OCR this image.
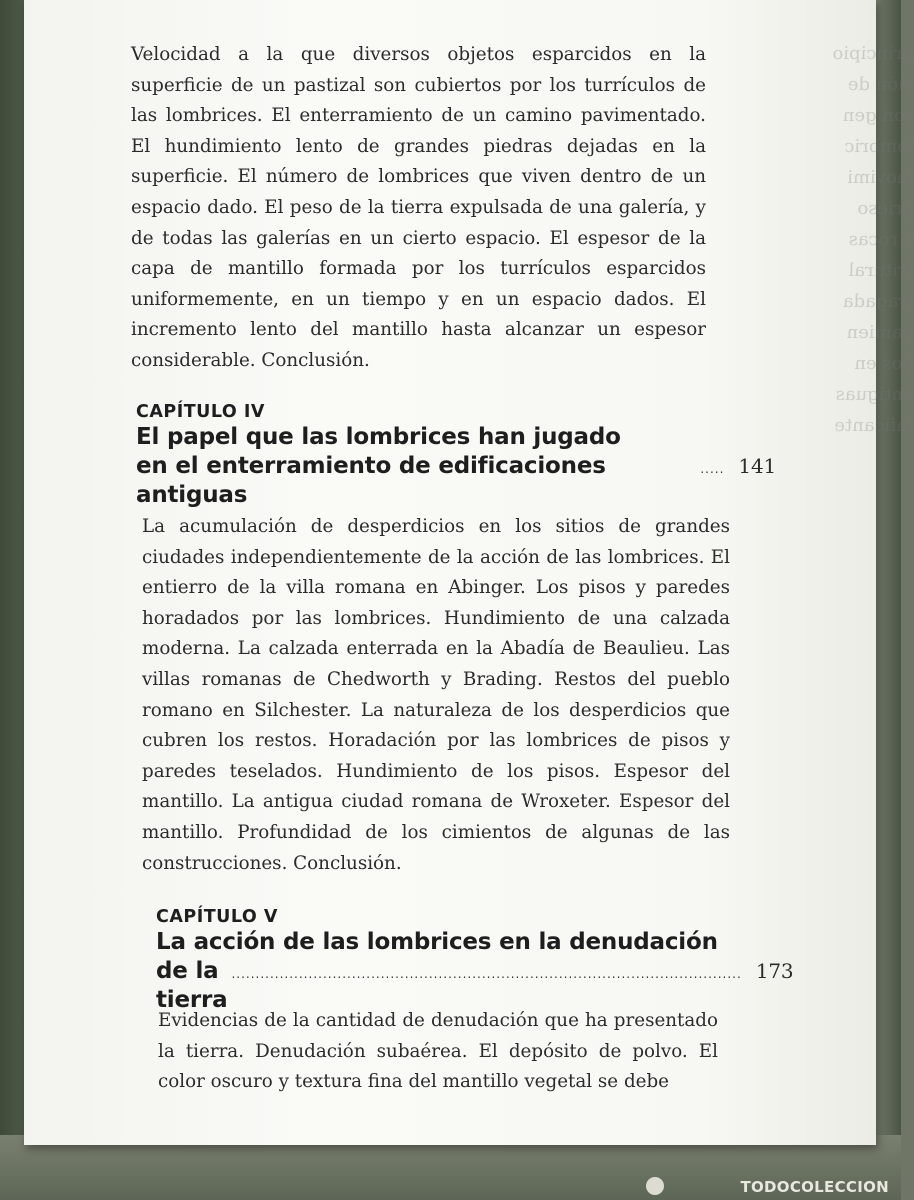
principio
ción de
son gen
lombric
movimi
grieso
y rocas
tritural
tragada
namien
dos en
antiguas
inficante

Velocidad a la que diversos objetos esparcidos en la superficie de un pastizal son cubiertos por los turrículos de las lombrices. El enterramiento de un camino pavimentado. El hundimiento lento de grandes piedras dejadas en la superficie. El número de lombrices que viven dentro de un espacio dado. El peso de la tierra expulsada de una galería, y de todas las galerías en un cierto espacio. El espesor de la capa de mantillo formada por los turrículos esparcidos uniformemente, en un tiempo y en un espacio dados. El incremento lento del mantillo hasta alcanzar un espesor considerable. Conclusión.

CAPÍTULO IV
El papel que las lombrices han jugado
en el enterramiento de edificaciones antiguas
..... 141

La acumulación de desperdicios en los sitios de grandes ciudades independientemente de la acción de las lombrices. El entierro de la villa romana en Abinger. Los pisos y paredes horadados por las lombrices. Hundimiento de una calzada moderna. La calzada enterrada en la Abadía de Beaulieu. Las villas romanas de Chedworth y Brading. Restos del pueblo romano en Silchester. La naturaleza de los desperdicios que cubren los restos. Horadación por las lombrices de pisos y paredes teselados. Hundimiento de los pisos. Espesor del mantillo. La antigua ciudad romana de Wroxeter. Espesor del mantillo. Profundidad de los cimientos de algunas de las construcciones. Conclusión.

CAPÍTULO V
La acción de las lombrices en la denudación
de la tierra
.......................................................................................................... 173

Evidencias de la cantidad de denudación que ha presentado la tierra. Denudación subaérea. El depósito de polvo. El color oscuro y textura fina del mantillo vegetal se debe

TODOCOLECCION
